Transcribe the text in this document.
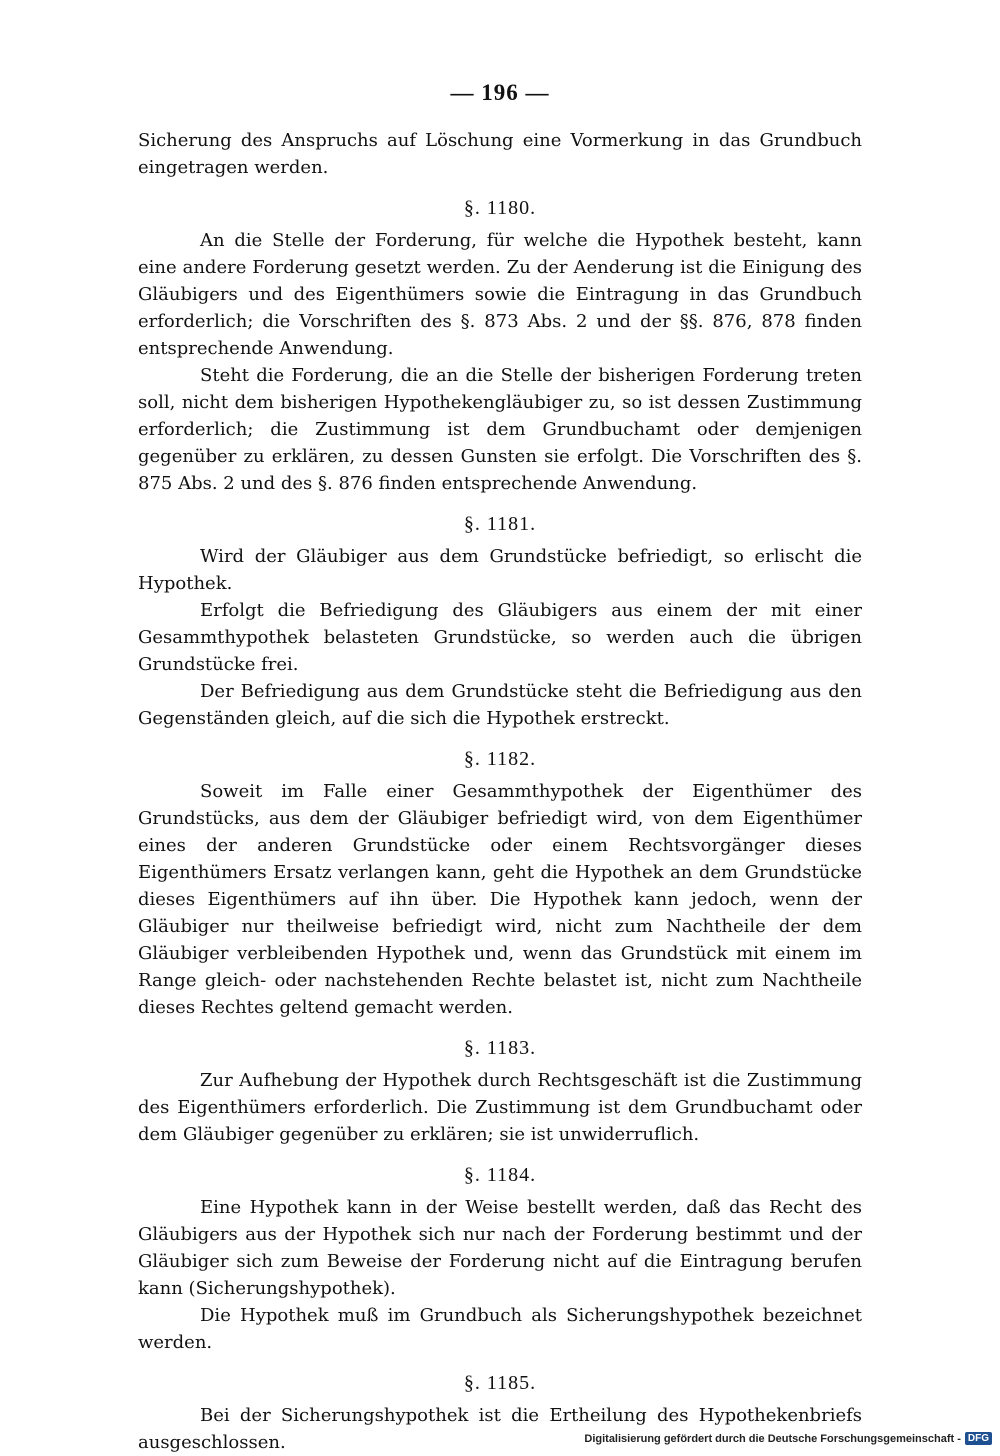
— 196 —

Sicherung des Anspruchs auf Löschung eine Vormerkung in das Grundbuch eingetragen werden.

§. 1180.

An die Stelle der Forderung, für welche die Hypothek besteht, kann eine andere Forderung gesetzt werden. Zu der Aenderung ist die Einigung des Gläubigers und des Eigenthümers sowie die Eintragung in das Grundbuch erforderlich; die Vorschriften des §. 873 Abs. 2 und der §§. 876, 878 finden entsprechende Anwendung.

Steht die Forderung, die an die Stelle der bisherigen Forderung treten soll, nicht dem bisherigen Hypothekengläubiger zu, so ist dessen Zustimmung erforderlich; die Zustimmung ist dem Grundbuchamt oder demjenigen gegenüber zu erklären, zu dessen Gunsten sie erfolgt. Die Vorschriften des §. 875 Abs. 2 und des §. 876 finden entsprechende Anwendung.

§. 1181.

Wird der Gläubiger aus dem Grundstücke befriedigt, so erlischt die Hypothek.

Erfolgt die Befriedigung des Gläubigers aus einem der mit einer Gesammthypothek belasteten Grundstücke, so werden auch die übrigen Grundstücke frei.

Der Befriedigung aus dem Grundstücke steht die Befriedigung aus den Gegenständen gleich, auf die sich die Hypothek erstreckt.

§. 1182.

Soweit im Falle einer Gesammthypothek der Eigenthümer des Grundstücks, aus dem der Gläubiger befriedigt wird, von dem Eigenthümer eines der anderen Grundstücke oder einem Rechtsvorgänger dieses Eigenthümers Ersatz verlangen kann, geht die Hypothek an dem Grundstücke dieses Eigenthümers auf ihn über. Die Hypothek kann jedoch, wenn der Gläubiger nur theilweise befriedigt wird, nicht zum Nachtheile der dem Gläubiger verbleibenden Hypothek und, wenn das Grundstück mit einem im Range gleich- oder nachstehenden Rechte belastet ist, nicht zum Nachtheile dieses Rechtes geltend gemacht werden.

§. 1183.

Zur Aufhebung der Hypothek durch Rechtsgeschäft ist die Zustimmung des Eigenthümers erforderlich. Die Zustimmung ist dem Grundbuchamt oder dem Gläubiger gegenüber zu erklären; sie ist unwiderruflich.

§. 1184.

Eine Hypothek kann in der Weise bestellt werden, daß das Recht des Gläubigers aus der Hypothek sich nur nach der Forderung bestimmt und der Gläubiger sich zum Beweise der Forderung nicht auf die Eintragung berufen kann (Sicherungshypothek).

Die Hypothek muß im Grundbuch als Sicherungshypothek bezeichnet werden.

§. 1185.

Bei der Sicherungshypothek ist die Ertheilung des Hypothekenbriefs ausgeschlossen.	Digitalisierung gefördert durch die Deutsche Forschungsgemeinschaft - DFG
